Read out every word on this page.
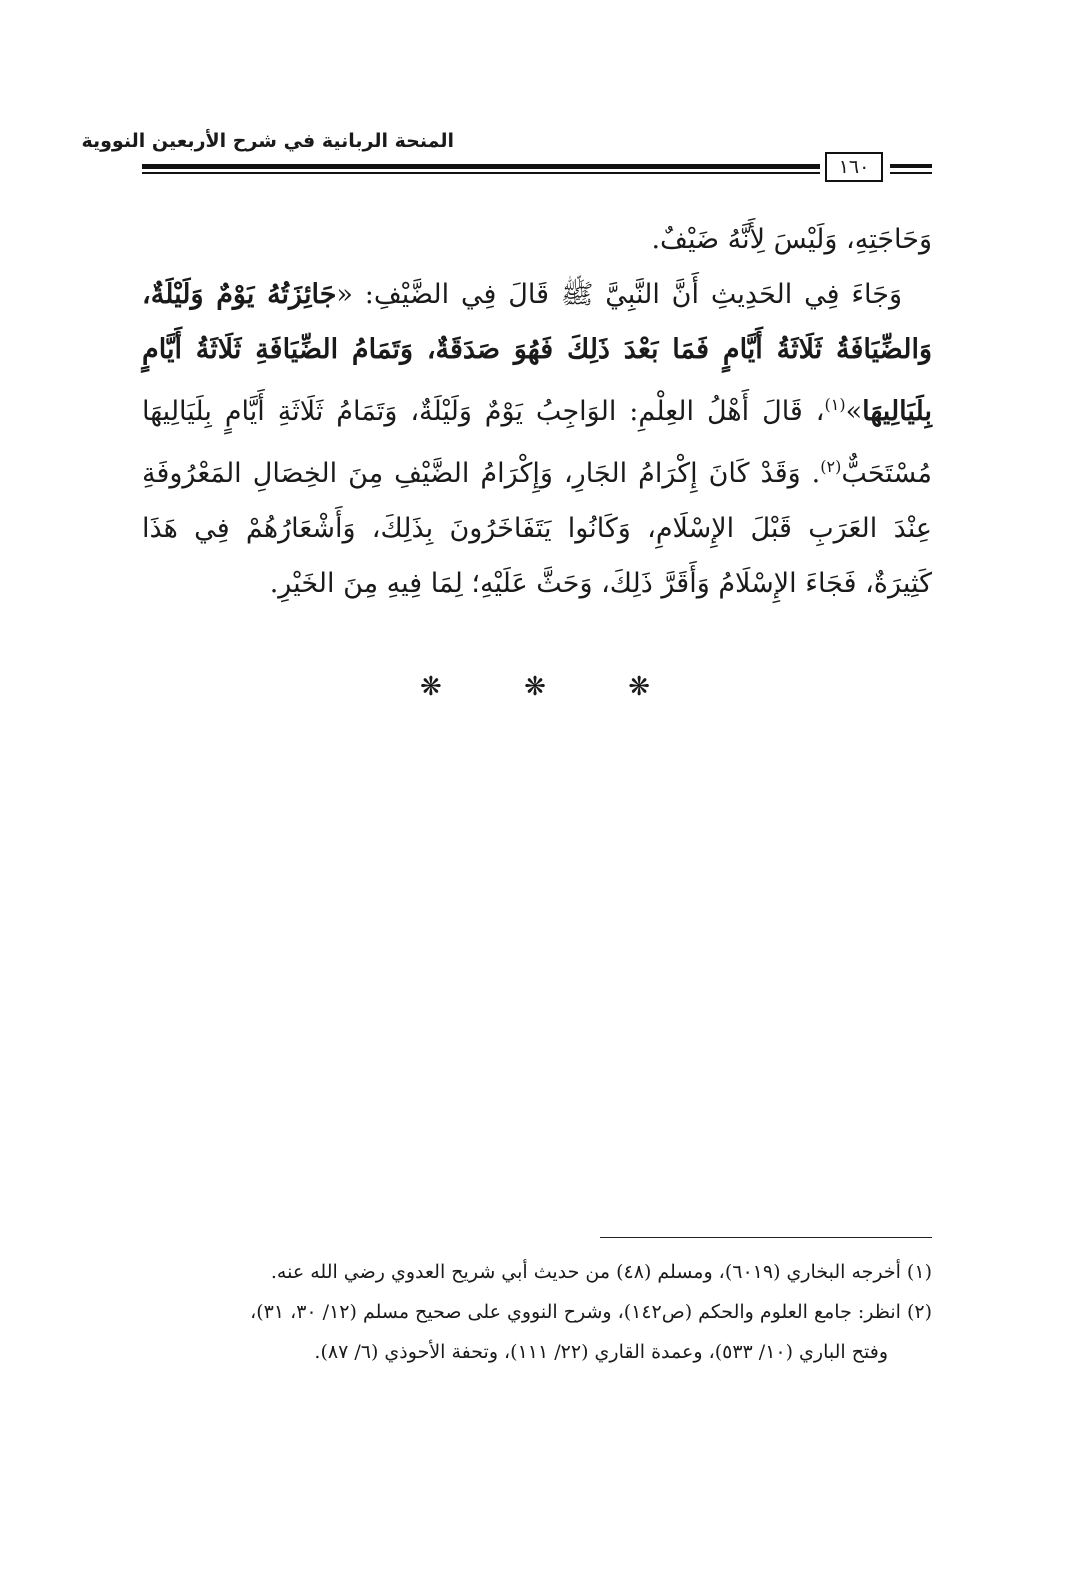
المنحة الربانية في شرح الأربعين النووية
١٦٠

وَحَاجَتِهِ، وَلَيْسَ لِأَنَّهُ ضَيْفٌ.

وَجَاءَ فِي الحَدِيثِ أَنَّ النَّبِيَّ ﷺ قَالَ فِي الضَّيْفِ: «جَائِزَتُهُ يَوْمٌ وَلَيْلَةٌ، وَالضِّيَافَةُ ثَلَاثَةُ أَيَّامٍ فَمَا بَعْدَ ذَلِكَ فَهُوَ صَدَقَةٌ، وَتَمَامُ الضِّيَافَةِ ثَلَاثَةُ أَيَّامٍ بِلَيَالِيهَا»$^{(١)}$، قَالَ أَهْلُ العِلْمِ: الوَاجِبُ يَوْمٌ وَلَيْلَةٌ، وَتَمَامُ ثَلَاثَةِ أَيَّامٍ بِلَيَالِيهَا مُسْتَحَبٌّ$^{(٢)}$. وَقَدْ كَانَ إِكْرَامُ الجَارِ، وَإِكْرَامُ الضَّيْفِ مِنَ الخِصَالِ المَعْرُوفَةِ عِنْدَ العَرَبِ قَبْلَ الإِسْلَامِ، وَكَانُوا يَتَفَاخَرُونَ بِذَلِكَ، وَأَشْعَارُهُمْ فِي هَذَا كَثِيرَةٌ، فَجَاءَ الإِسْلَامُ وَأَقَرَّ ذَلِكَ، وَحَثَّ عَلَيْهِ؛ لِمَا فِيهِ مِنَ الخَيْرِ.

❋	❋	❋

(١) أخرجه البخاري (٦٠١٩)، ومسلم (٤٨) من حديث أبي شريح العدوي رضي الله عنه.

(٢) انظر: جامع العلوم والحكم (ص١٤٢)، وشرح النووي على صحيح مسلم (١٢/ ٣٠، ٣١)،

وفتح الباري (١٠/ ٥٣٣)، وعمدة القاري (٢٢/ ١١١)، وتحفة الأحوذي (٦/ ٨٧).
